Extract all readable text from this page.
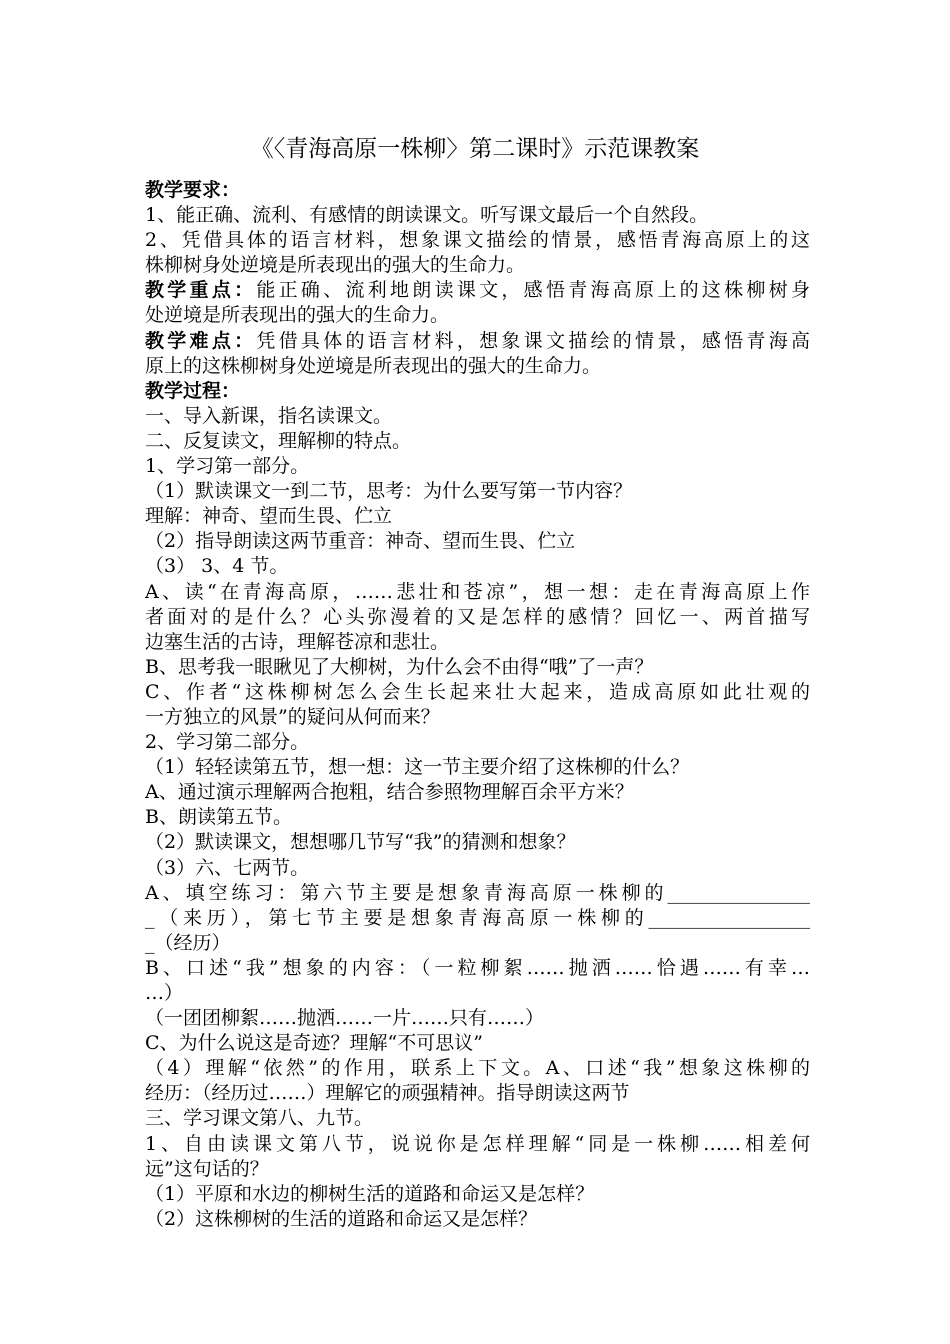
《〈青海高原一株柳〉第二课时》示范课教案
教学要求：
1、能正确、流利、有感情的朗读课文。听写课文最后一个自然段。
2、凭借具体的语言材料，想象课文描绘的情景，感悟青海高原上的这
株柳树身处逆境是所表现出的强大的生命力。
教学重点：能正确、流利地朗读课文，感悟青海高原上的这株柳树身
处逆境是所表现出的强大的生命力。
教学难点：凭借具体的语言材料，想象课文描绘的情景，感悟青海高
原上的这株柳树身处逆境是所表现出的强大的生命力。
教学过程：
一、导入新课，指名读课文。
二、反复读文，理解柳的特点。
1、学习第一部分。
（1）默读课文一到二节，思考：为什么要写第一节内容？
理解：神奇、望而生畏、伫立
（2）指导朗读这两节重音：神奇、望而生畏、伫立
（3） 3、4 节。
A、读“在青海高原，……悲壮和苍凉”，想一想：走在青海高原上作
者面对的是什么？心头弥漫着的又是怎样的感情？回忆一、两首描写
边塞生活的古诗，理解苍凉和悲壮。
B、思考我一眼瞅见了大柳树，为什么会不由得“哦”了一声？
C、作者“这株柳树怎么会生长起来壮大起来，造成高原如此壮观的
一方独立的风景”的疑问从何而来？
2、学习第二部分。
（1）轻轻读第五节，想一想：这一节主要介绍了这株柳的什么？
A、通过演示理解两合抱粗，结合参照物理解百余平方米？
B、朗读第五节。
（2）默读课文，想想哪几节写“我”的猜测和想象？
（3）六、七两节。
A、填空练习：第六节主要是想象青海高原一株柳的_______________
_（来历），第七节主要是想象青海高原一株柳的_________________
_（经历）
B、口述“我”想象的内容：（一粒柳絮……抛洒……恰遇……有幸…
…）
（一团团柳絮……抛洒……一片……只有……）
C、为什么说这是奇迹？理解“不可思议”
（4）理解“依然”的作用，联系上下文。A、口述“我”想象这株柳的
经历：（经历过……）理解它的顽强精神。指导朗读这两节
三、学习课文第八、九节。
1、自由读课文第八节，说说你是怎样理解“同是一株柳……相差何
远”这句话的？
（1）平原和水边的柳树生活的道路和命运又是怎样？
（2）这株柳树的生活的道路和命运又是怎样？
